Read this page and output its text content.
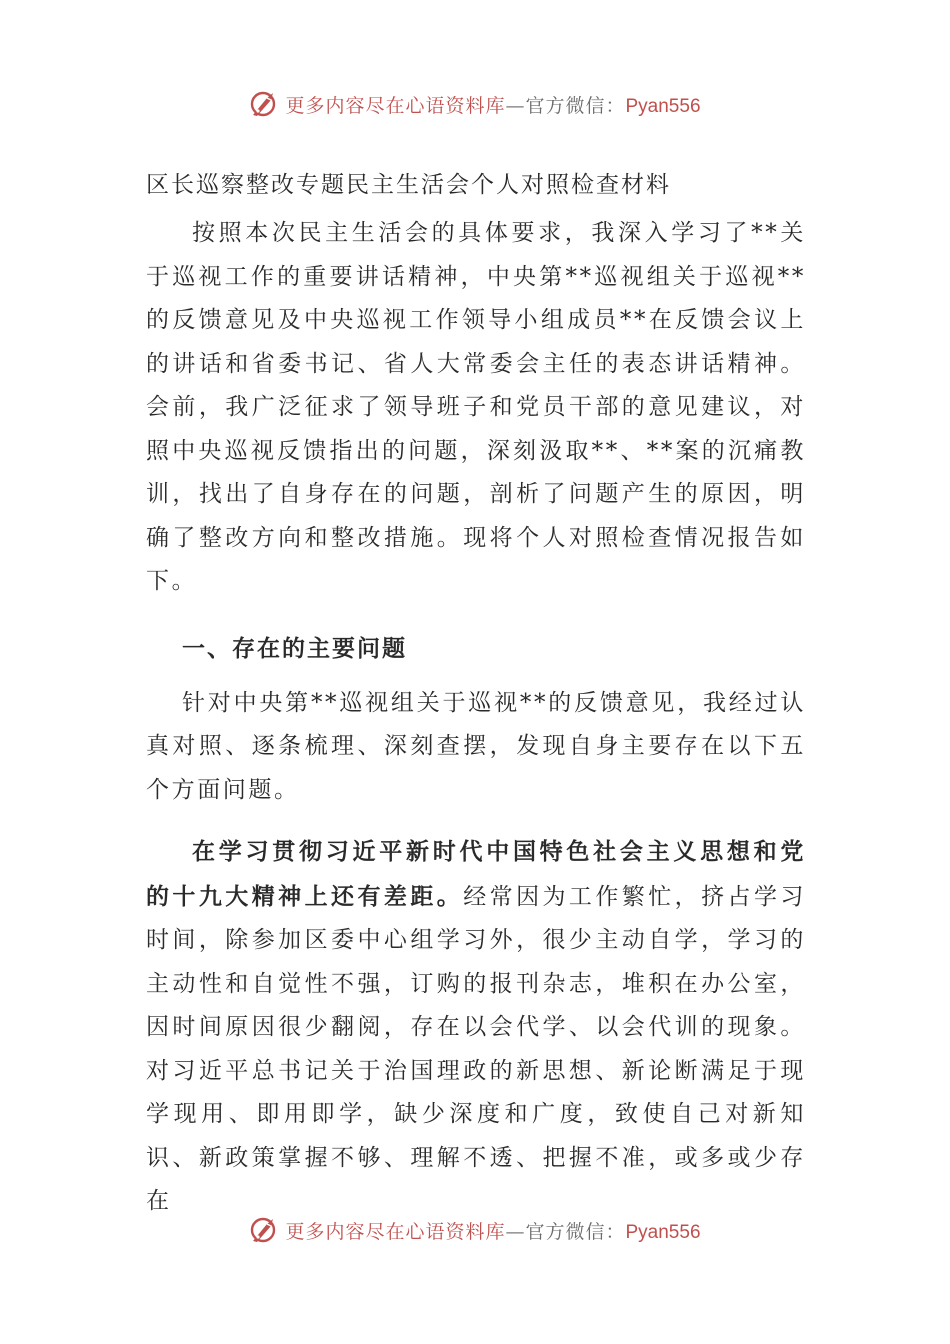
更多内容尽在心语资料库—官方微信：Pyan556
区长巡察整改专题民主生活会个人对照检查材料

按照本次民主生活会的具体要求，我深入学习了**关于巡视工作的重要讲话精神，中央第**巡视组关于巡视**的反馈意见及中央巡视工作领导小组成员**在反馈会议上的讲话和省委书记、省人大常委会主任的表态讲话精神。会前，我广泛征求了领导班子和党员干部的意见建议，对照中央巡视反馈指出的问题，深刻汲取**、**案的沉痛教训，找出了自身存在的问题，剖析了问题产生的原因，明确了整改方向和整改措施。现将个人对照检查情况报告如下。

一、存在的主要问题

针对中央第**巡视组关于巡视**的反馈意见，我经过认真对照、逐条梳理、深刻查摆，发现自身主要存在以下五个方面问题。

在学习贯彻习近平新时代中国特色社会主义思想和党的十九大精神上还有差距。经常因为工作繁忙，挤占学习时间，除参加区委中心组学习外，很少主动自学，学习的主动性和自觉性不强，订购的报刊杂志，堆积在办公室，因时间原因很少翻阅，存在以会代学、以会代训的现象。对习近平总书记关于治国理政的新思想、新论断满足于现学现用、即用即学，缺少深度和广度，致使自己对新知识、新政策掌握不够、理解不透、把握不准，或多或少存在

更多内容尽在心语资料库—官方微信：Pyan556
